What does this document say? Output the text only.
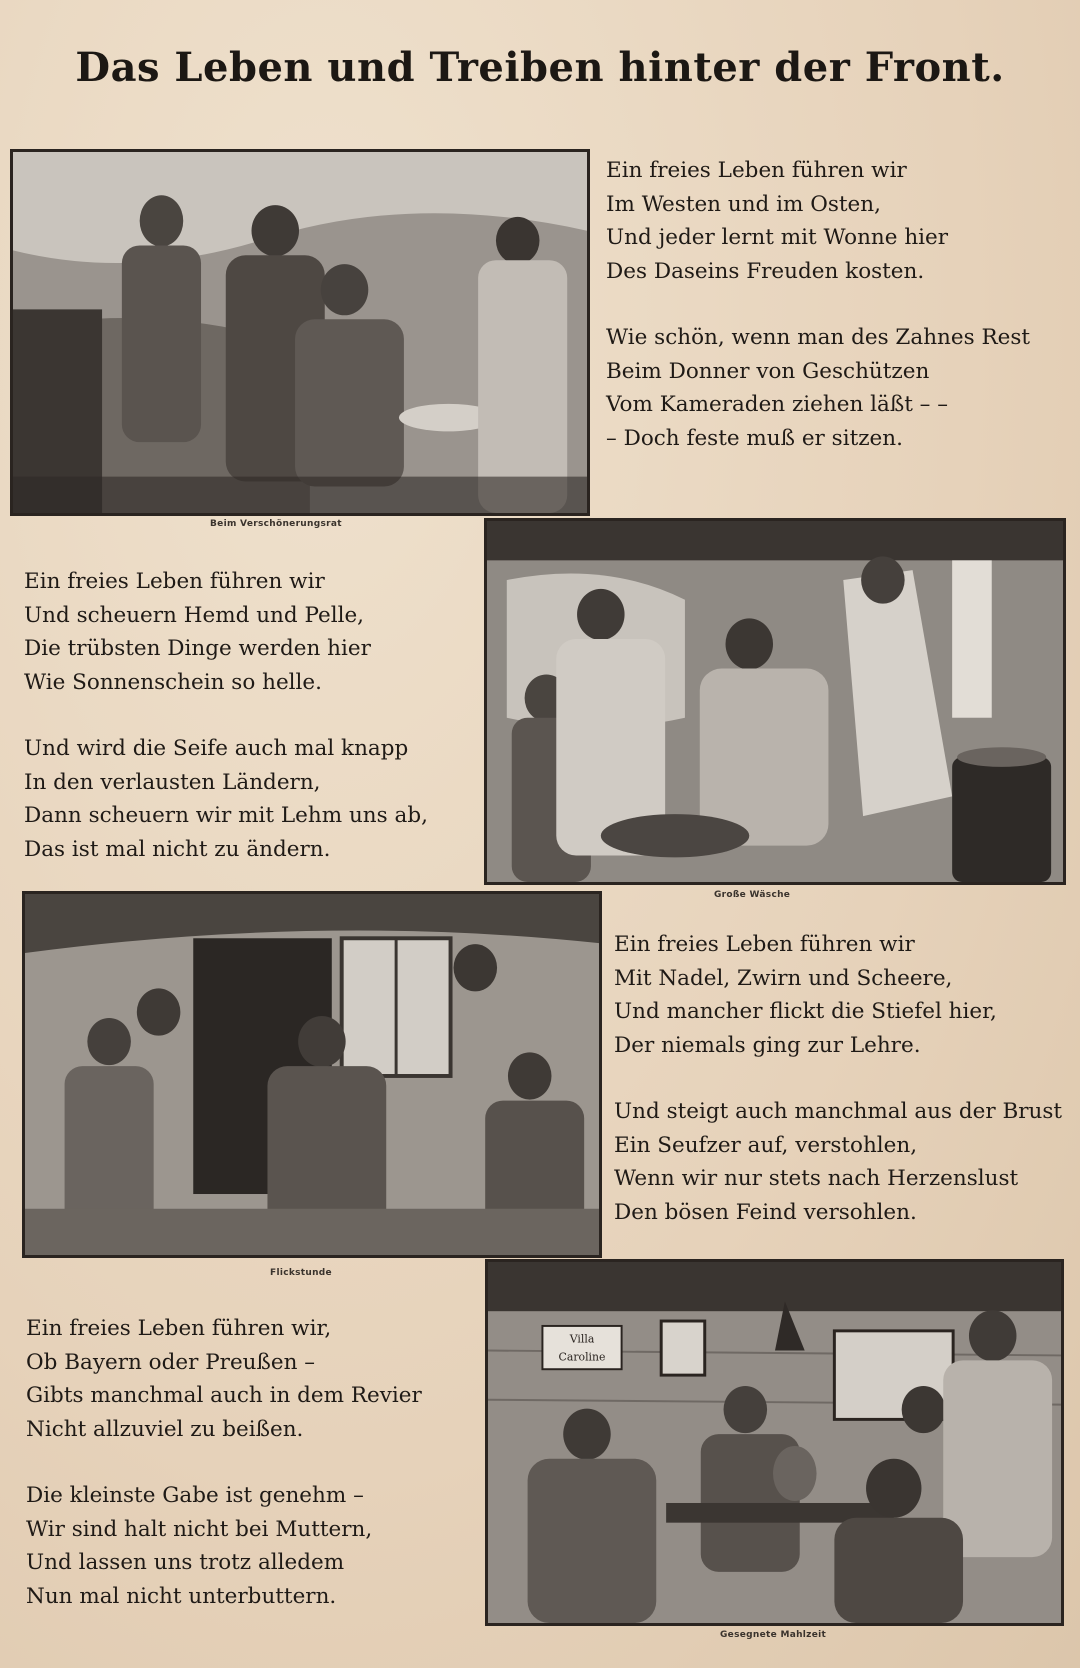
Das Leben und Treiben hinter der Front.
Beim Verschönerungsrat
Ein freies Leben führen wir
Im Westen und im Osten,
Und jeder lernt mit Wonne hier
Des Daseins Freuden kosten.
Wie schön, wenn man des Zahnes Rest
Beim Donner von Geschützen
Vom Kameraden ziehen läßt – –
– Doch feste muß er sitzen.
Ein freies Leben führen wir
Und scheuern Hemd und Pelle,
Die trübsten Dinge werden hier
Wie Sonnenschein so helle.
Und wird die Seife auch mal knapp
In den verlausten Ländern,
Dann scheuern wir mit Lehm uns ab,
Das ist mal nicht zu ändern.
Große Wäsche
Flickstunde
Ein freies Leben führen wir
Mit Nadel, Zwirn und Scheere,
Und mancher flickt die Stiefel hier,
Der niemals ging zur Lehre.
Und steigt auch manchmal aus der Brust
Ein Seufzer auf, verstohlen,
Wenn wir nur stets nach Herzenslust
Den bösen Feind versohlen.
Ein freies Leben führen wir,
Ob Bayern oder Preußen –
Gibts manchmal auch in dem Revier
Nicht allzuviel zu beißen.
Die kleinste Gabe ist genehm –
Wir sind halt nicht bei Muttern,
Und lassen uns trotz alledem
Nun mal nicht unterbuttern.
Villa
Caroline
Gesegnete Mahlzeit
